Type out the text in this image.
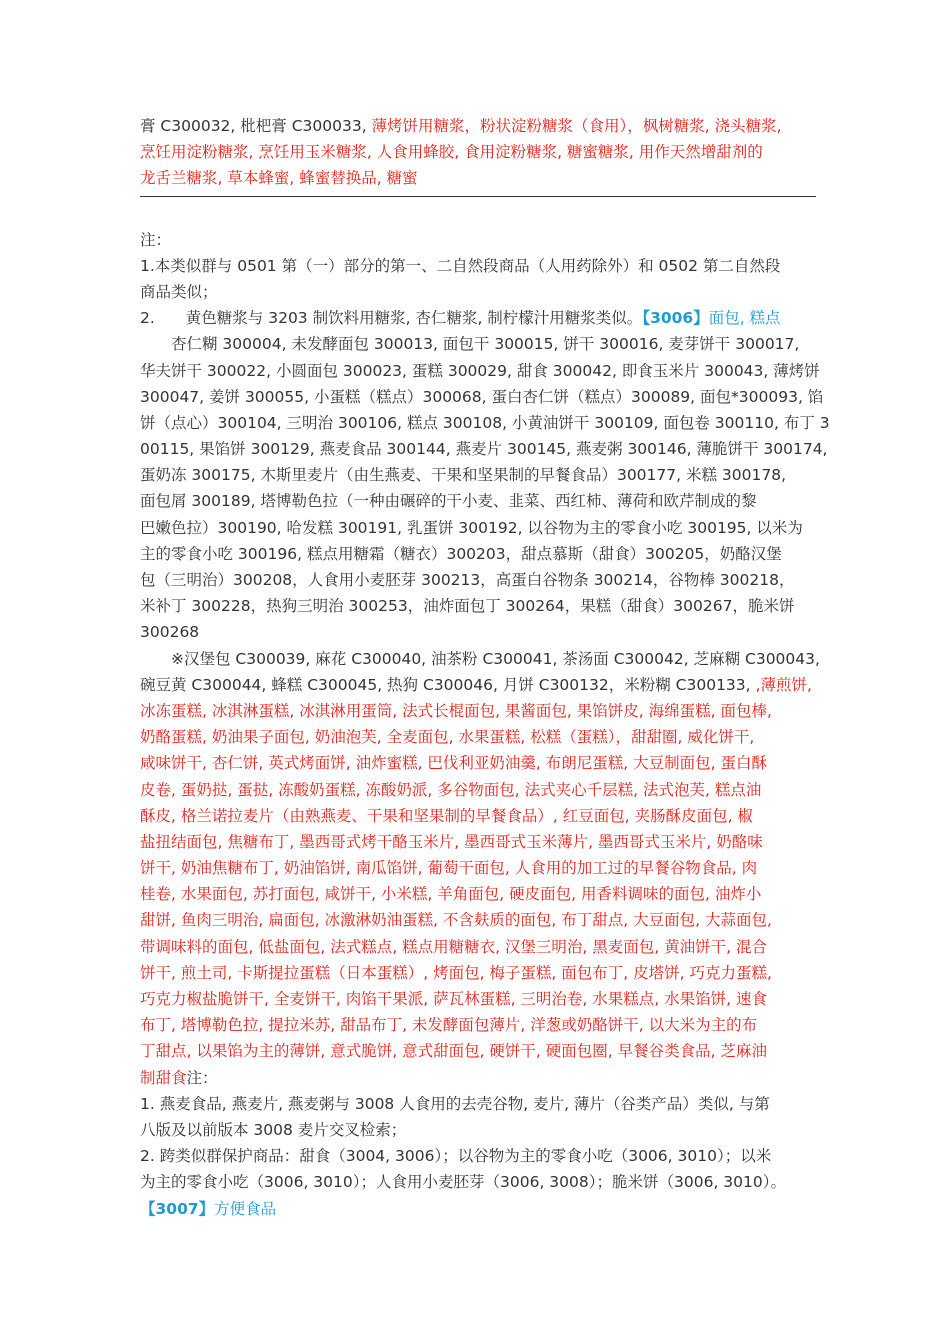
膏 C300032, 枇杷膏 C300033, 薄烤饼用糖浆，粉状淀粉糖浆（食用），枫树糖浆, 浇头糖浆,
烹饪用淀粉糖浆, 烹饪用玉米糖浆, 人食用蜂胶, 食用淀粉糖浆, 糖蜜糖浆, 用作天然增甜剂的
龙舌兰糖浆, 草本蜂蜜, 蜂蜜替换品, 糖蜜
注：
1.本类似群与 0501 第（一）部分的第一、二自然段商品（人用药除外）和 0502 第二自然段
商品类似；
2.　　黄色糖浆与 3203 制饮料用糖浆, 杏仁糖浆, 制柠檬汁用糖浆类似。【3006】面包, 糕点
　　杏仁糊 300004, 未发酵面包 300013, 面包干 300015, 饼干 300016, 麦芽饼干 300017,
华夫饼干 300022, 小圆面包 300023, 蛋糕 300029, 甜食 300042, 即食玉米片 300043, 薄烤饼
300047, 姜饼 300055, 小蛋糕（糕点）300068, 蛋白杏仁饼（糕点）300089, 面包*300093, 馅
饼（点心）300104, 三明治 300106, 糕点 300108, 小黄油饼干 300109, 面包卷 300110, 布丁 3
00115, 果馅饼 300129, 燕麦食品 300144, 燕麦片 300145, 燕麦粥 300146, 薄脆饼干 300174,
蛋奶冻 300175, 木斯里麦片（由生燕麦、干果和坚果制的早餐食品）300177, 米糕 300178,
面包屑 300189, 塔博勒色拉（一种由碾碎的干小麦、韭菜、西红柿、薄荷和欧芹制成的黎
巴嫩色拉）300190, 哈发糕 300191, 乳蛋饼 300192, 以谷物为主的零食小吃 300195, 以米为
主的零食小吃 300196, 糕点用糖霜（糖衣）300203，甜点慕斯（甜食）300205，奶酪汉堡
包（三明治）300208，人食用小麦胚芽 300213，高蛋白谷物条 300214，谷物棒 300218，
米补丁 300228，热狗三明治 300253，油炸面包丁 300264，果糕（甜食）300267，脆米饼
300268
　　※汉堡包 C300039, 麻花 C300040, 油茶粉 C300041, 茶汤面 C300042, 芝麻糊 C300043,
碗豆黄 C300044, 蜂糕 C300045, 热狗 C300046, 月饼 C300132，米粉糊 C300133, ,薄煎饼,
冰冻蛋糕, 冰淇淋蛋糕, 冰淇淋用蛋筒, 法式长棍面包, 果酱面包, 果馅饼皮, 海绵蛋糕, 面包棒,
奶酪蛋糕, 奶油果子面包, 奶油泡芙, 全麦面包, 水果蛋糕, 松糕（蛋糕），甜甜圈, 威化饼干,
咸味饼干, 杏仁饼, 英式烤面饼, 油炸蜜糕, 巴伐利亚奶油羹, 布朗尼蛋糕, 大豆制面包, 蛋白酥
皮卷, 蛋奶挞, 蛋挞, 冻酸奶蛋糕, 冻酸奶派, 多谷物面包, 法式夹心千层糕, 法式泡芙, 糕点油
酥皮, 格兰诺拉麦片（由熟燕麦、干果和坚果制的早餐食品）, 红豆面包, 夹肠酥皮面包, 椒
盐扭结面包, 焦糖布丁, 墨西哥式烤干酪玉米片, 墨西哥式玉米薄片, 墨西哥式玉米片, 奶酪味
饼干, 奶油焦糖布丁, 奶油馅饼, 南瓜馅饼, 葡萄干面包, 人食用的加工过的早餐谷物食品, 肉
桂卷, 水果面包, 苏打面包, 咸饼干, 小米糕, 羊角面包, 硬皮面包, 用香料调味的面包, 油炸小
甜饼, 鱼肉三明治, 扁面包, 冰激淋奶油蛋糕, 不含麸质的面包, 布丁甜点, 大豆面包, 大蒜面包,
带调味料的面包, 低盐面包, 法式糕点, 糕点用糖糖衣, 汉堡三明治, 黑麦面包, 黄油饼干, 混合
饼干, 煎土司, 卡斯提拉蛋糕（日本蛋糕）, 烤面包, 梅子蛋糕, 面包布丁, 皮塔饼, 巧克力蛋糕,
巧克力椒盐脆饼干, 全麦饼干, 肉馅干果派, 萨瓦林蛋糕, 三明治卷, 水果糕点, 水果馅饼, 速食
布丁, 塔博勒色拉, 提拉米苏, 甜品布丁, 未发酵面包薄片, 洋葱或奶酪饼干, 以大米为主的布
丁甜点, 以果馅为主的薄饼, 意式脆饼, 意式甜面包, 硬饼干, 硬面包圈, 早餐谷类食品, 芝麻油
制甜食注：
1. 燕麦食品, 燕麦片, 燕麦粥与 3008 人食用的去壳谷物, 麦片, 薄片（谷类产品）类似, 与第
八版及以前版本 3008 麦片交叉检索；
2. 跨类似群保护商品：甜食（3004, 3006）；以谷物为主的零食小吃（3006, 3010）；以米
为主的零食小吃（3006, 3010）；人食用小麦胚芽（3006, 3008）；脆米饼（3006, 3010）。
【3007】方便食品
